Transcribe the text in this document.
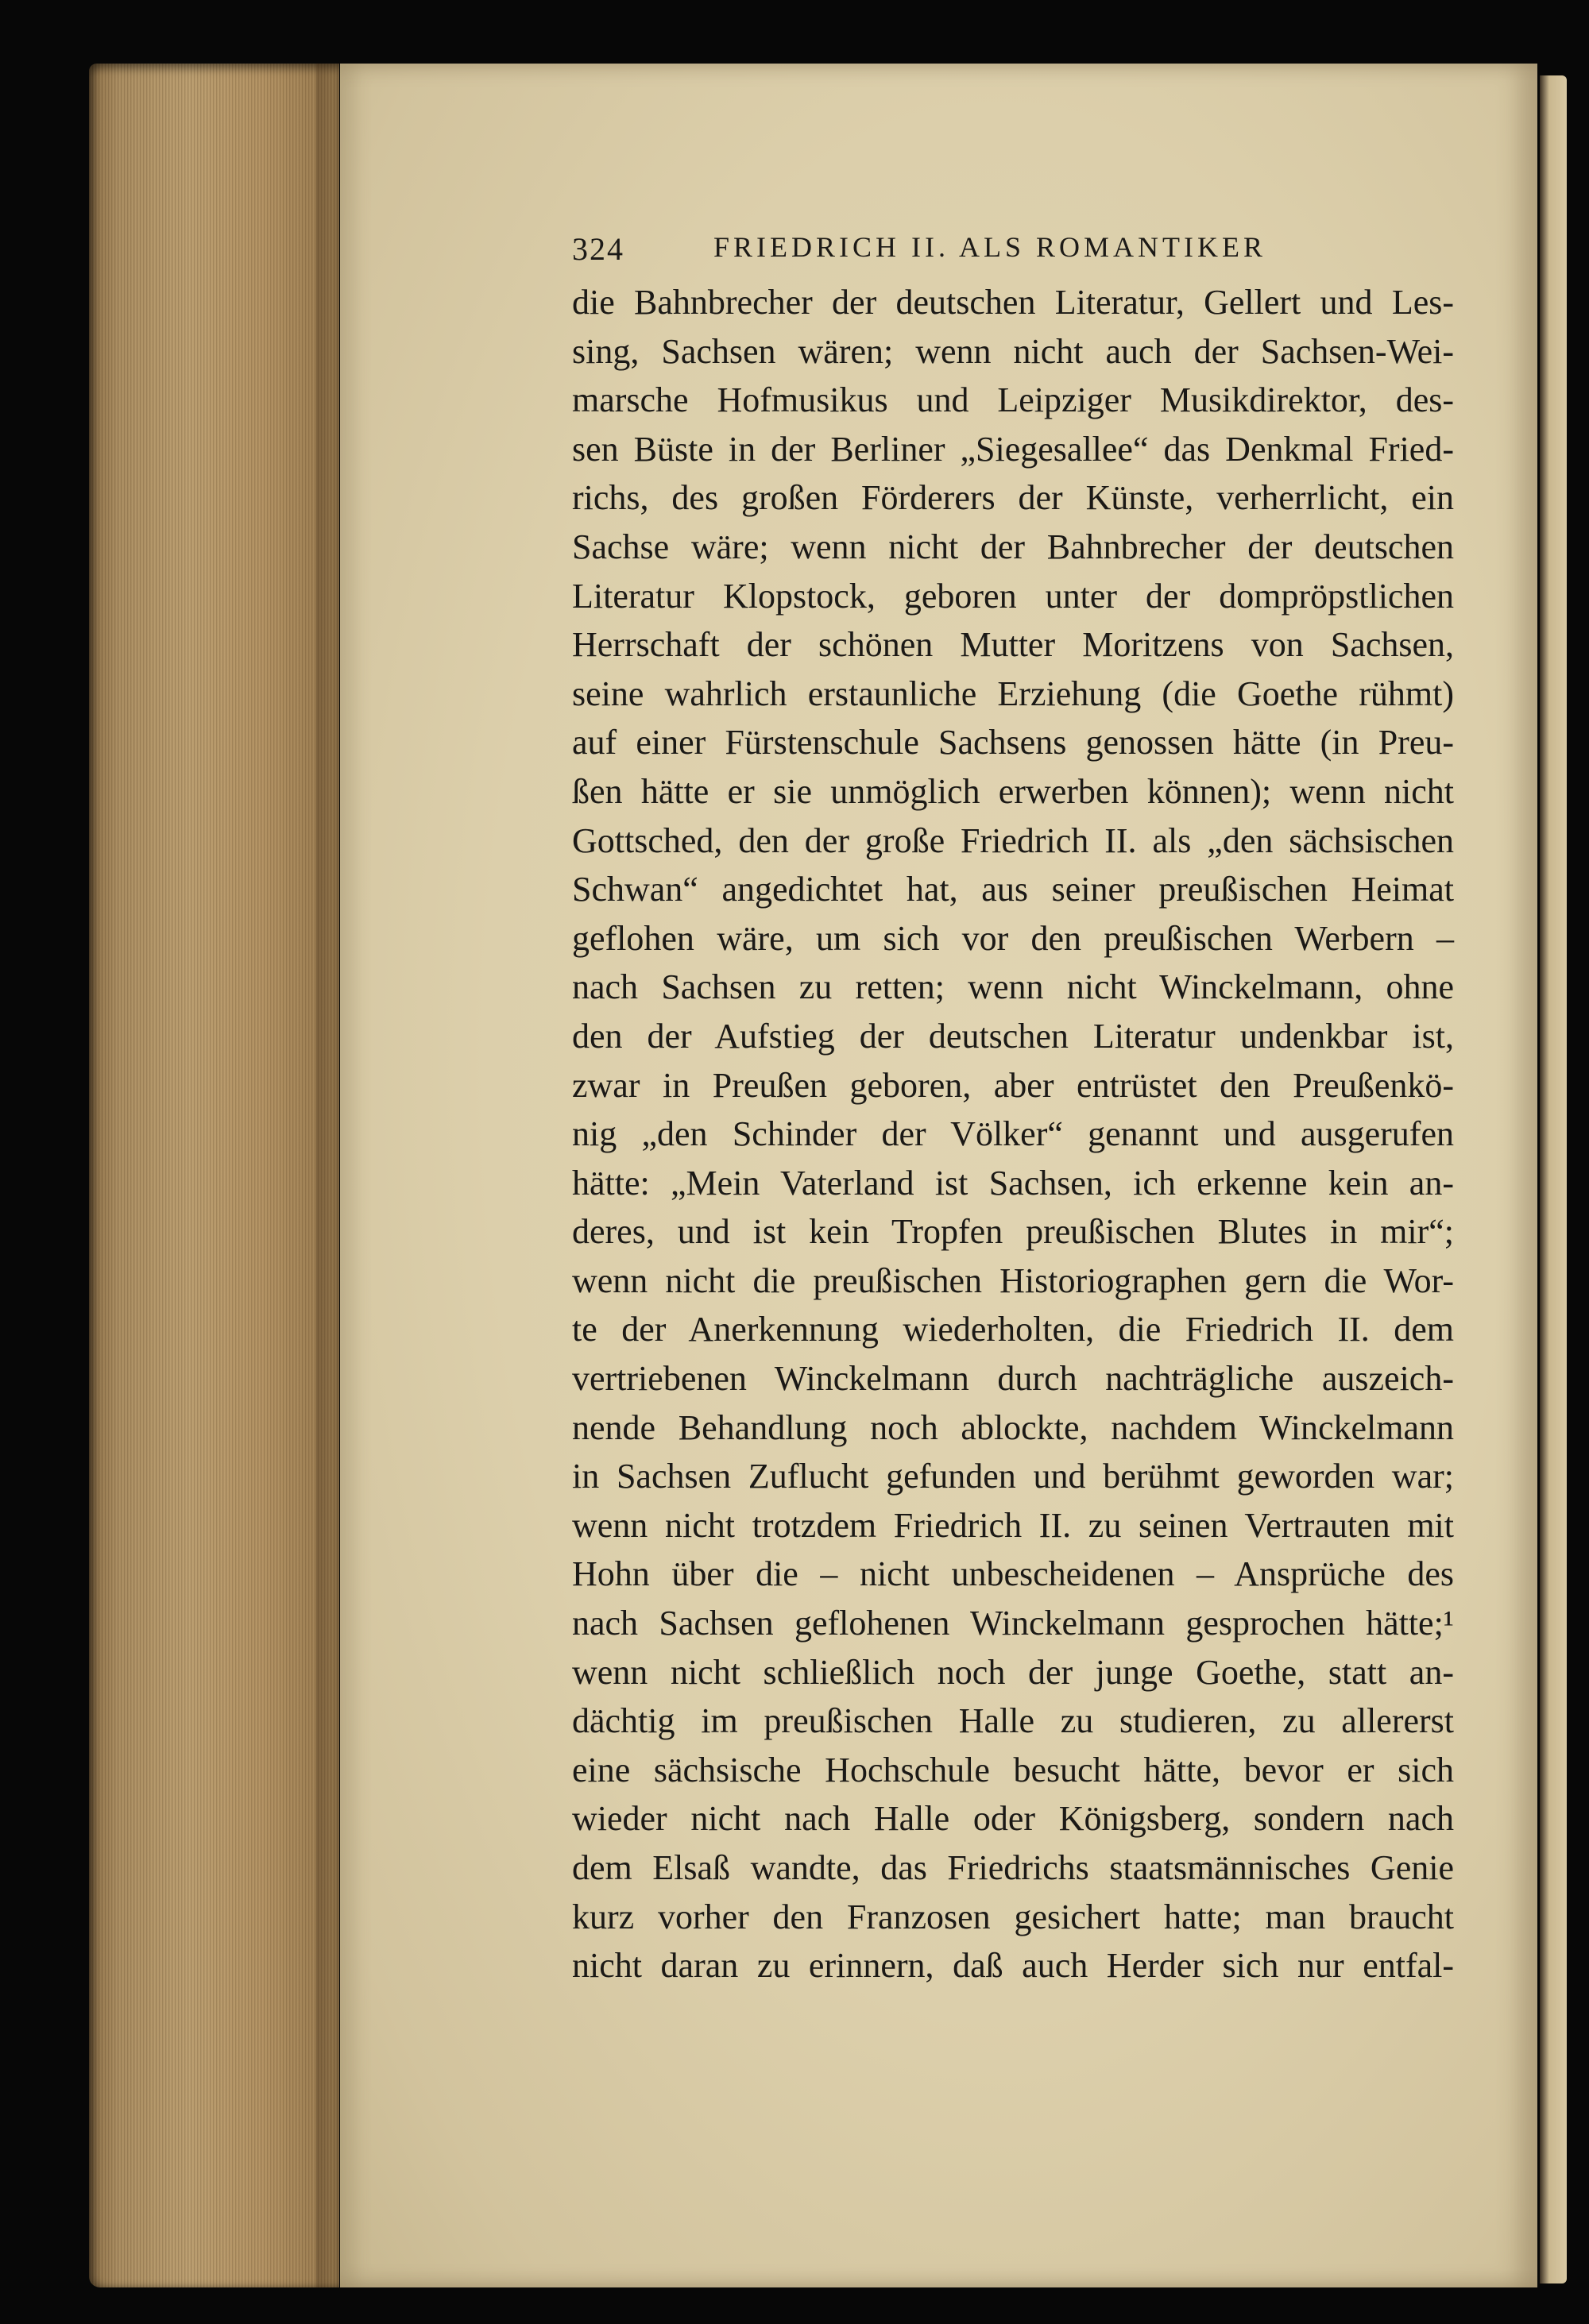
324	FRIEDRICH II. ALS ROMANTIKER
die Bahnbrecher der deutschen Literatur, Gellert und Les-
sing, Sachsen wären; wenn nicht auch der Sachsen-Wei-
marsche Hofmusikus und Leipziger Musikdirektor, des-
sen Büste in der Berliner „Siegesallee“ das Denkmal Fried-
richs, des großen Förderers der Künste, verherrlicht, ein
Sachse wäre; wenn nicht der Bahnbrecher der deutschen
Literatur Klopstock, geboren unter der dompröpstlichen
Herrschaft der schönen Mutter Moritzens von Sachsen,
seine wahrlich erstaunliche Erziehung (die Goethe rühmt)
auf einer Fürstenschule Sachsens genossen hätte (in Preu-
ßen hätte er sie unmöglich erwerben können); wenn nicht
Gottsched, den der große Friedrich II. als „den sächsischen
Schwan“ angedichtet hat, aus seiner preußischen Heimat
geflohen wäre, um sich vor den preußischen Werbern –
nach Sachsen zu retten; wenn nicht Winckelmann, ohne
den der Aufstieg der deutschen Literatur undenkbar ist,
zwar in Preußen geboren, aber entrüstet den Preußenkö-
nig „den Schinder der Völker“ genannt und ausgerufen
hätte: „Mein Vaterland ist Sachsen, ich erkenne kein an-
deres, und ist kein Tropfen preußischen Blutes in mir“;
wenn nicht die preußischen Historiographen gern die Wor-
te der Anerkennung wiederholten, die Friedrich II. dem
vertriebenen Winckelmann durch nachträgliche auszeich-
nende Behandlung noch ablockte, nachdem Winckelmann
in Sachsen Zuflucht gefunden und berühmt geworden war;
wenn nicht trotzdem Friedrich II. zu seinen Vertrauten mit
Hohn über die – nicht unbescheidenen – Ansprüche des
nach Sachsen geflohenen Winckelmann gesprochen hätte;¹
wenn nicht schließlich noch der junge Goethe, statt an-
dächtig im preußischen Halle zu studieren, zu allererst
eine sächsische Hochschule besucht hätte, bevor er sich
wieder nicht nach Halle oder Königsberg, sondern nach
dem Elsaß wandte, das Friedrichs staatsmännisches Genie
kurz vorher den Franzosen gesichert hatte; man braucht
nicht daran zu erinnern, daß auch Herder sich nur entfal-
